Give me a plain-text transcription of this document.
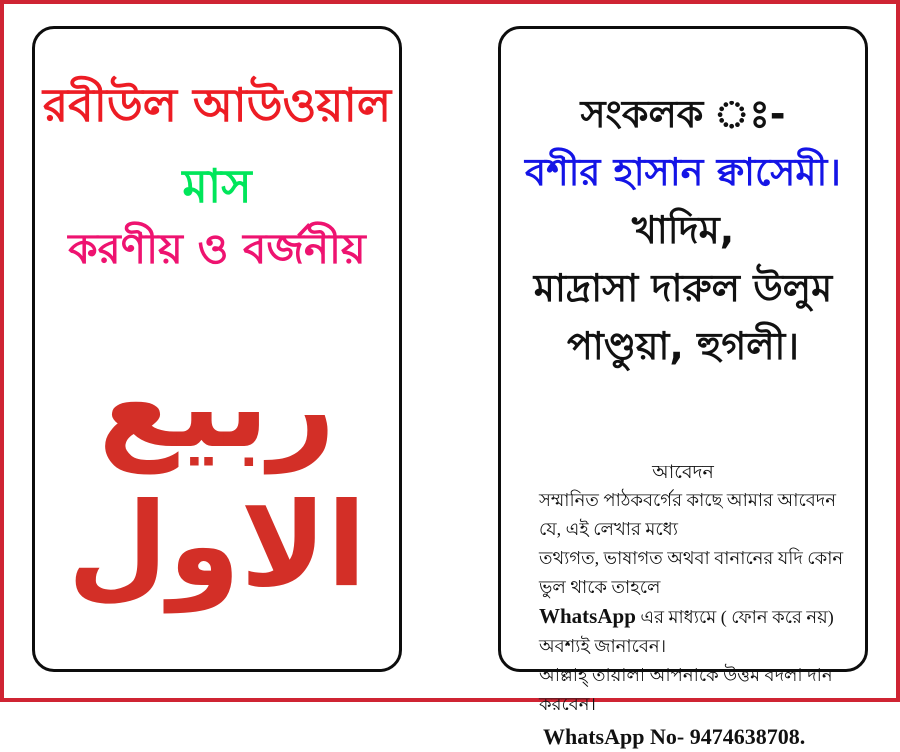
রবীউল আউওয়াল
মাস
করণীয় ও বর্জনীয়
ربيع الاول
সংকলক ঃ-
বশীর হাসান ক্বাসেমী।
খাদিম,
মাদ্রাসা দারুল উলুম
পাণ্ডুয়া, হুগলী।
আবেদন
সম্মানিত পাঠকবর্গের কাছে আমার আবেদন যে, এই লেখার মধ্যে
তথ্যগত, ভাষাগত অথবা বানানের যদি কোন ভুল থাকে তাহলে
WhatsApp এর মাধ্যমে ( ফোন করে নয়) অবশ্যই জানাবেন।
আল্লাহ্ তায়ালা আপনাকে উত্তম বদলা দান করবেন।
WhatsApp No- 9474638708.
